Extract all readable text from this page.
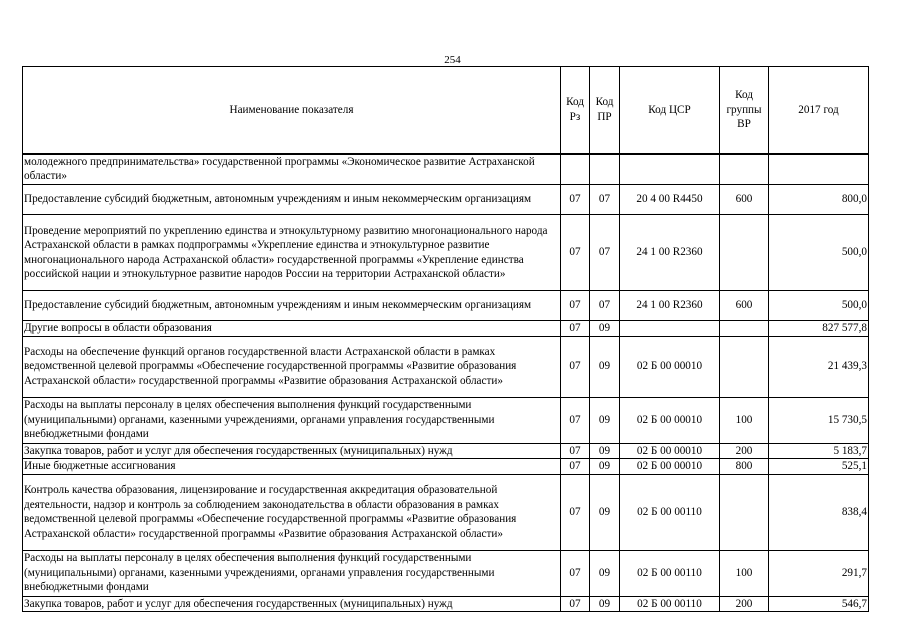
254
Наименование показателя	Код Рз	Код ПР	Код ЦСР	Код группы ВР	2017 год
молодежного предпринимательства» государственной программы «Экономическое развитие Астраханской области»					
Предоставление субсидий бюджетным, автономным учреждениям и иным некоммерческим организациям	07	07	20 4 00 R4450	600	800,0
Проведение мероприятий по укреплению единства и этнокультурному развитию многонационального народа Астраханской области в рамках подпрограммы «Укрепление единства и этнокультурное развитие многонационального народа Астраханской области» государственной программы «Укрепление единства российской нации и этнокультурное развитие народов России на территории Астраханской области»	07	07	24 1 00 R2360		500,0
Предоставление субсидий бюджетным, автономным учреждениям и иным некоммерческим организациям	07	07	24 1 00 R2360	600	500,0
Другие вопросы в области образования	07	09			827 577,8
Расходы на обеспечение функций органов государственной власти Астраханской области в рамках ведомственной целевой программы «Обеспечение государственной программы «Развитие образования Астраханской области» государственной программы «Развитие образования Астраханской области»	07	09	02 Б 00 00010		21 439,3
Расходы на выплаты персоналу в целях обеспечения выполнения функций государственными (муниципальными) органами, казенными учреждениями, органами управления государственными внебюджетными фондами	07	09	02 Б 00 00010	100	15 730,5
Закупка товаров, работ и услуг для обеспечения государственных (муниципальных) нужд	07	09	02 Б 00 00010	200	5 183,7
Иные бюджетные ассигнования	07	09	02 Б 00 00010	800	525,1
Контроль качества образования, лицензирование и государственная аккредитация образовательной деятельности, надзор и контроль за соблюдением законодательства в области образования в рамках ведомственной целевой программы «Обеспечение государственной программы «Развитие образования Астраханской области» государственной программы «Развитие образования Астраханской области»	07	09	02 Б 00 00110		838,4
Расходы на выплаты персоналу в целях обеспечения выполнения функций государственными (муниципальными) органами, казенными учреждениями, органами управления государственными внебюджетными фондами	07	09	02 Б 00 00110	100	291,7
Закупка товаров, работ и услуг для обеспечения государственных (муниципальных) нужд	07	09	02 Б 00 00110	200	546,7
